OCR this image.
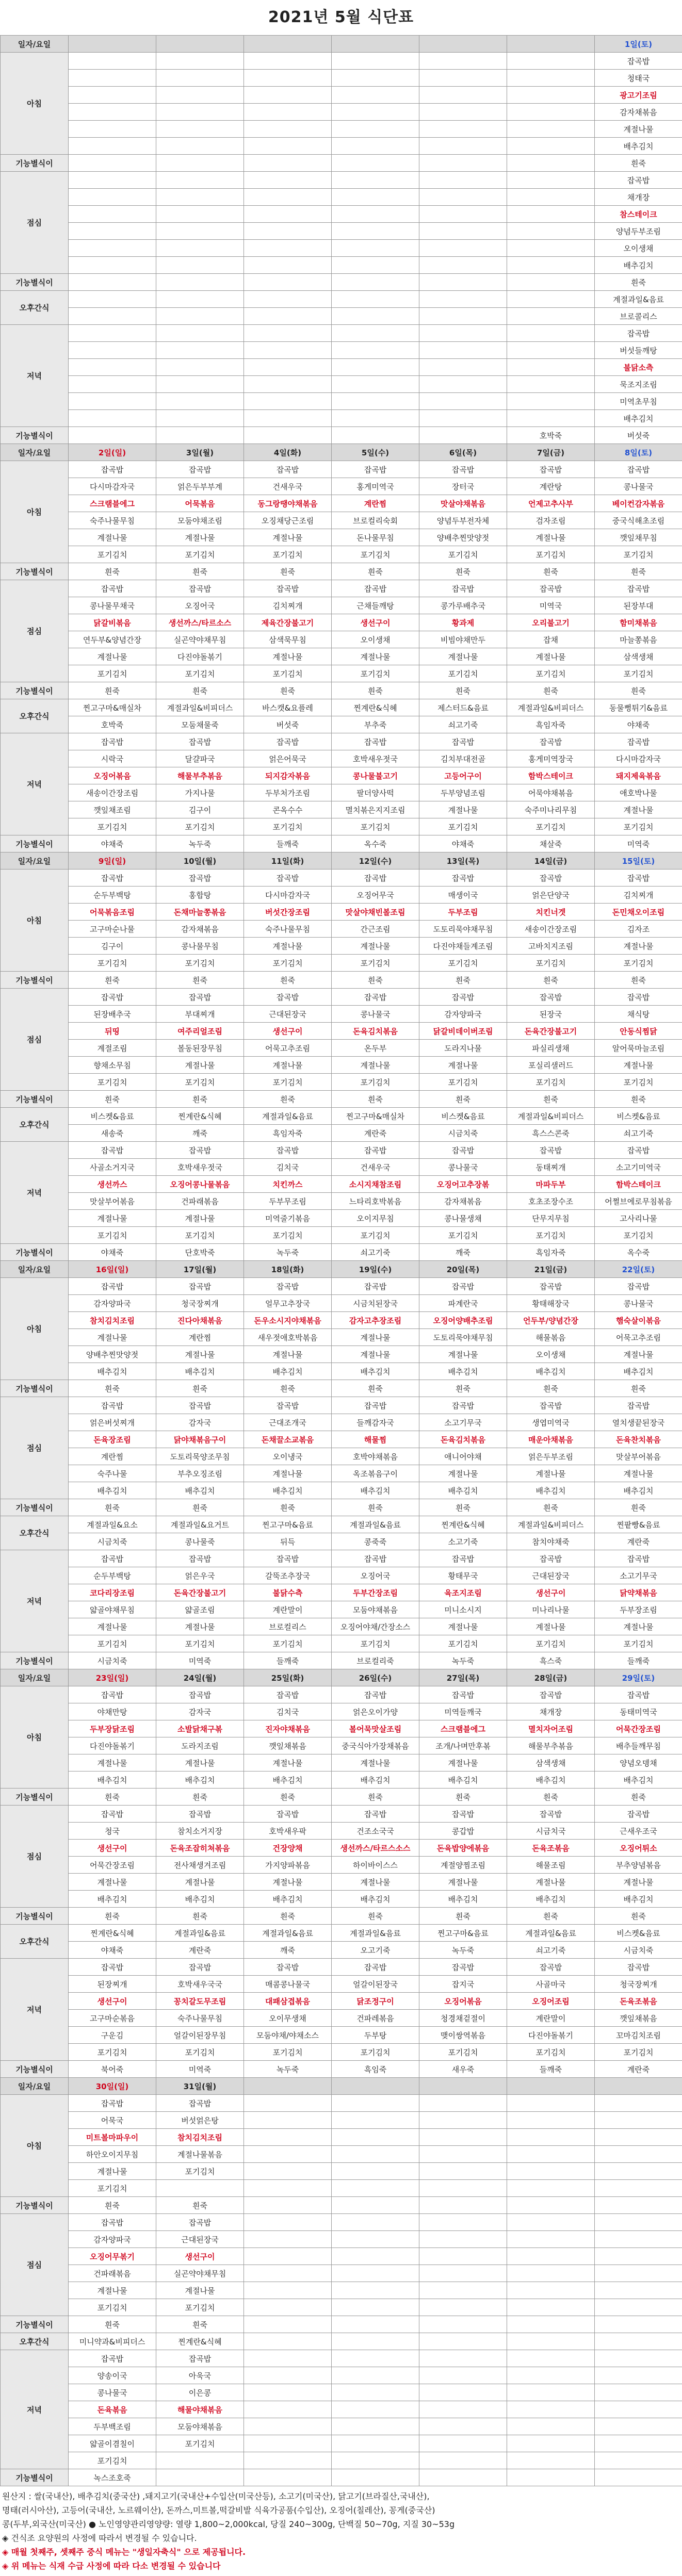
2021년 5월 식단표
일자/요일							1일(토)
아침							잡곡밥
							청태국
							광고기조림
							감자채볶음
							계절나물
							배추김치
기능별식이							흰죽
점심							잡곡밥
							채개장
							참스테이크
							양념두부조림
							오이생채
							배추김치
기능별식이							흰죽
오후간식							계절과일&음료
							브로콜리스
저녁							잡곡밥
							버섯들깨탕
							불닭소측
							묵조지조림
							미역초무침
							배추김치
기능별식이						호박죽	버섯죽
일자/요일	2일(일)	3일(월)	4일(화)	5일(수)	6일(목)	7일(금)	8일(토)
아침	잡곡밥	잡곡밥	잡곡밥	잡곡밥	잡곡밥	잡곡밥	잡곡밥
	다시마감자국	얽은두부부계	건새우국	홍게미역국	장터국	계란탕	콩나물국
	스크램블에그	어묵볶음	동그랑땡야채볶음	계란찜	맛살야채볶음	언제고추사부	베이컨감자볶음
	숙주나물무침	모둠야채조림	오징채당근조림	브로컬리숙회	양념두부전자체	검자조림	중국식해초조림
	계절나물	계절나물	계절나물	돈나물무침	양배추찐맛양젓	계절나물	깻잎채무침
	포기김치	포기김치	포기김치	포기김치	포기김치	포기김치	포기김치
기능별식이	흰죽	흰죽	흰죽	흰죽	흰죽	흰죽	흰죽
점심	잡곡밥	잡곡밥	잡곡밥	잡곡밥	잡곡밥	잡곡밥	잡곡밥
	콩나물무채국	오징어국	김치찌개	근채들깨탕	콩가루배추국	미역국	된장부대
	닭갈비볶음	생선까스/타르소스	제육간장불고기	생선구이	황과제	오리불고기	함미채볶음
	연두부&양념간장	실곤약야채무침	삼색묵무침	오이생채	비빔야채만두	잡채	마늘쫑볶음
	계절나물	다진야돌볶기	계절나물	계절나물	계절나물	계절나물	삼색생채
	포기김치	포기김치	포기김치	포기김치	포기김치	포기김치	포기김치
기능별식이	흰죽	흰죽	흰죽	흰죽	흰죽	흰죽	흰죽
오후간식	찐고구마&매실차	계절과일&비피더스	바스캣&요플레	찐계란&식혜	제스터드&음료	계절과일&비피더스	동물뻥튀기&음료
	호박죽	모둠채물죽	버섯죽	부추죽	쇠고기죽	흑임자죽	야채죽
저녁	잡곡밥	잡곡밥	잡곡밥	잡곡밥	잡곡밥	잡곡밥	잡곡밥
	시락국	달걀파국	얽은어묵국	호박새우젓국	김치부대전골	홍게미역장국	다시마감자국
	오징어볶음	해물부추볶음	되지감자볶음	콩나물불고기	고등어구이	함박스테이크	돼지제육볶음
	새송이간장조림	가지나물	두부처가조림	팔더양사떡	두부양념조림	어묵야채볶음	애호박나물
	깻잎채조림	김구이	콘옥수수	멸치볶은지지조림	계절나물	숙주미나리무침	계절나물
	포기김치	포기김치	포기김치	포기김치	포기김치	포기김치	포기김치
기능별식이	야채죽	녹두죽	들깨죽	옥수죽	야채죽	채살죽	미역죽
일자/요일	9일(일)	10일(월)	11일(화)	12일(수)	13일(목)	14일(금)	15일(토)
아침	잡곡밥	잡곡밥	잡곡밥	잡곡밥	잡곡밥	잡곡밥	잡곡밥
	순두부백탕	홍합탕	다시마감자국	오징어무국	매생이국	얽은단양국	김치찌개
	어묵볶음조림	돈채마늘쫑볶음	버섯간장조림	맛살야채빈볼조림	두부조림	치킨너겟	돈민채오이조림
	고구마순나물	감자채볶음	숙주나물무침	간근조림	도토리묵야채무침	새송이간장조림	김자조
	김구이	콩나물무침	계절나물	계절나물	다진야채들계조림	고바치지조림	계절나물
	포기김치	포기김치	포기김치	포기김치	포기김치	포기김치	포기김치
기능별식이	흰죽	흰죽	흰죽	흰죽	흰죽	흰죽	흰죽
점심	잡곡밥	잡곡밥	잡곡밥	잡곡밥	잡곡밥	잡곡밥	잡곡밥
	된장배추국	부대찌개	근대된장국	콩나물국	감자양파국	된장국	채식탕
	뒤띵	여주리얼조림	생선구이	돈육김치볶음	닭갈비데이버조림	돈육간장불고기	안동식찜닭
	계절조림	볼동된장무침	어묵고추조림	온두부	도라지나물	파실리생채	알어묵마늘조림
	향채소무침	계절나물	계절나물	계절나물	계절나물	포실리샐러드	계절나물
	포기김치	포기김치	포기김치	포기김치	포기김치	포기김치	포기김치
기능별식이	흰죽	흰죽	흰죽	흰죽	흰죽	흰죽	흰죽
오후간식	비스켓&음료	찐계란&식혜	계절과일&음료	찐고구마&매실차	비스켓&음료	계절과일&비피더스	비스켓&음료
	새송죽	깨죽	흑임자죽	계란죽	시금치죽	흑스스콘죽	쇠고기죽
저녁	잡곡밥	잡곡밥	잡곡밥	잡곡밥	잡곡밥	잡곡밥	잡곡밥
	사골소거지국	호박새우젓국	김치국	건새우국	콩나물국	동태찌개	소고기미역국
	생선까스	오징어콩나물볶음	치킨까스	소시지채참조림	오징어고추장볶	마파두부	함박스테이크
	맛살부어볶음	건파래볶음	두부무조림	느타리호박볶음	감자채볶음	호초조장수조	어쩔브에로무침볶음
	계절나물	계절나물	미역줄기볶음	오이지무침	콩나물생채	단무지무침	고사리나물
	포기김치	포기김치	포기김치	포기김치	포기김치	포기김치	포기김치
기능별식이	야채죽	단호박죽	녹두죽	쇠고기죽	깨죽	흑임자죽	옥수죽
일자/요일	16일(일)	17일(월)	18일(화)	19일(수)	20일(목)	21일(금)	22일(토)
아침	잡곡밥	잡곡밥	잡곡밥	잡곡밥	잡곡밥	잡곡밥	잡곡밥
	감자양파국	청국장찌개	얼무고추장국	시금치된장국	파계란국	황태해장국	콩나물국
	참치김치조림	진다아채볶음	돈우소시지야채볶음	감자고추장조림	오징어양배추조림	언두부/양념간장	햄숙살이볶음
	계절나물	계란찜	새우젓애호박볶음	계절나물	도토리묵야채무침	해물볶음	어묵고추조림
	양배추찐맛양젓	계절나물	계절나물	계절나물	계절나물	오이생채	계절나물
	배추김치	배추김치	배추김치	배추김치	배추김치	배추김치	배추김치
기능별식이	흰죽	흰죽	흰죽	흰죽	흰죽	흰죽	흰죽
점심	잡곡밥	잡곡밥	잡곡밥	잡곡밥	잡곡밥	잡곡밥	잡곡밥
	얽은버섯찌개	감자국	근대조개국	들깨감자국	소고기무국	생엽미역국	열치생끝된장국
	돈육장조림	닭야채볶음구이	돈채끌소교볶음	해물찜	돈육김치볶음	매운아채볶음	돈육찬치볶음
	계란찜	도토리묵양조무침	오이냉국	호박야채볶음	애니어야채	얽은두부조림	맛살부어볶음
	숙주나물	부추오징조림	계절나물	옥조볶음구이	계절나물	계절나물	계절나물
	배추김치	배추김치	배추김치	배추김치	배추김치	배추김치	배추김치
기능별식이	흰죽	흰죽	흰죽	흰죽	흰죽	흰죽	흰죽
오후간식	계절과일&요소	계절과일&요거트	찐고구마&음료	계절과일&음료	찐계란&식혜	계절과일&비피더스	찐팥빵&음료
	시금치죽	콩나물죽	뒤득	콩죽죽	소고기죽	참치야채죽	계란죽
저녁	잡곡밥	잡곡밥	잡곡밥	잡곡밥	잡곡밥	잡곡밥	잡곡밥
	순두부백탕	얽은우국	갈뚝조추장국	오징어국	황태무국	근대된장국	소고기무국
	코다리장조림	돈육간장불고기	불닭수측	두부간장조림	육조지조림	생선구이	닭약채볶음
	얇골야채무침	얇골조림	계란말이	모둠야채볶음	미니소시지	미나리나물	두부장조림
	계절나물	계절나물	브로컬리스	오징어야채/간장소스	계절나물	계절나물	계절나물
	포기김치	포기김치	포기김치	포기김치	포기김치	포기김치	포기김치
기능별식이	시금치죽	미역죽	들깨죽	브로컬리죽	녹두죽	흑스죽	들깨죽
일자/요일	23일(일)	24일(월)	25일(화)	26일(수)	27일(목)	28일(금)	29일(토)
아침	잡곡밥	잡곡밥	잡곡밥	잡곡밥	잡곡밥	잡곡밥	잡곡밥
	야채만탕	감자국	김치국	얽은오이가양	미역들깨국	채개장	동태미역국
	두부장닭조림	소발닭채구볶	진자야채볶음	볼어묵맛살조림	스크램블에그	멸치자어조림	어묵간장조림
	다진야돌볶기	도라지조림	깻잎채볶음	중국식아가장채볶음	조개/나며만후볶	해물부추볶음	배추들깨무침
	계절나물	계절나물	계절나물	계절나물	계절나물	삼색생채	양념오뎅채
	배추김치	배추김치	배추김치	배추김치	배추김치	배추김치	배추김치
기능별식이	흰죽	흰죽	흰죽	흰죽	흰죽	흰죽	흰죽
점심	잡곡밥	잡곡밥	잡곡밥	잡곡밥	잡곡밥	잡곡밥	잡곡밥
	청국	참치소거지장	호박새우팍	건조소국국	콩갑밥	시금치국	근새우조국
	생선구이	돈육조잡히쳐볶음	건장양채	생선까스/타르스소스	돈육밥양에볶음	돈육조볶음	오징어튀소
	어묵간장조림	전사채생겨조림	가지양파볶음	하이바이스스	계절양찜조림	해물조림	부추양념볶음
	계절나물	계절나물	계절나물	계절나물	계절나물	계절나물	계절나물
	배추김치	배추김치	배추김치	배추김치	배추김치	배추김치	배추김치
기능별식이	흰죽	흰죽	흰죽	흰죽	흰죽	흰죽	흰죽
오후간식	찐계란&식혜	계절과일&음료	계절과일&음료	계절과일&음료	찐고구마&음료	계절과일&음료	비스켓&음료
	야채죽	계란죽	깨죽	오고기죽	녹두죽	쇠고기죽	시금치죽
저녁	잡곡밥	잡곡밥	잡곡밥	잡곡밥	잡곡밥	잡곡밥	잡곡밥
	된장찌개	호박새우국국	매콤콩나물국	얼갈이된장국	잡지국	사골마국	청국장찌개
	생선구이	꽁치갈도무조림	대패삼겹볶음	닭조정구이	오징어볶음	오징어조림	돈육조볶음
	고구마순볶음	숙주나물무침	오이무생채	건파레볶음	청경채겉절이	계란말이	깻잎채볶음
	구운김	얼갈이된장무침	모둠야채/야채소스	두부탕	맺이쌍역볶음	다진야돌볶기	꼬마김치조림
	포기김치	포기김치	포기김치	포기김치	포기김치	포기김치	포기김치
기능별식이	북어죽	미역죽	녹두죽	흑임죽	새우죽	들깨죽	계란죽
일자/요일	30일(일)	31일(월)					
아침	잡곡밥	잡곡밥					
	어묵국	버섯얽은탕					
	미트볼마파우이	참치김치조림					
	하안오이지무침	계절나물볶음					
	계절나물	포기김치					
	포기김치						
기능별식이	흰죽	흰죽					
점심	잡곡밥	잡곡밥					
	감자양파국	근대된장국					
	오징어무볶기	생선구이					
	건파래볶음	실곤약야채무침					
	계절나물	계절나물					
	포기김치	포기김치					
기능별식이	흰죽	흰죽					
오후간식	미니약과&비피더스	찐계란&식혜					
저녁	잡곡밥	잡곡밥					
	양송이국	아욱국					
	콩나물국	이은콩					
	돈육볶음	해물야채볶음					
	두부백조림	모둠야채볶음					
	얇골이겸칠이	포기김치					
	포기김치						
기능별식이	녹스조호죽						
원산지 : 쌀(국내산), 배추김치(중국산) ,돼지고기(국내산+수입산(미국산등), 소고기(미국산), 닭고기(브라질산,국내산),
명태(러시아산), 고등어(국내산, 노르웨이산), 돈까스,미트볼,떡갈비발 식육가공품(수입산), 오징어(칠레산), 꽁게(중국산)
콩(두부,외국산(미국산) ● 노인영양관리영양량: 열량 1,800~2,000kcal, 당질 240~300g, 단백질 50~70g, 지질 30~53g
◈ 건식조 요양원의 사정에 따라서 변경될 수 있습니다.
◈ 매월 첫째주, 셋째주 중식 메뉴는 "생일자축식" 으로 제공됩니다.
◈ 위 메뉴는 식재 수급 사정에 따라 다소 변경될 수 있습니다
